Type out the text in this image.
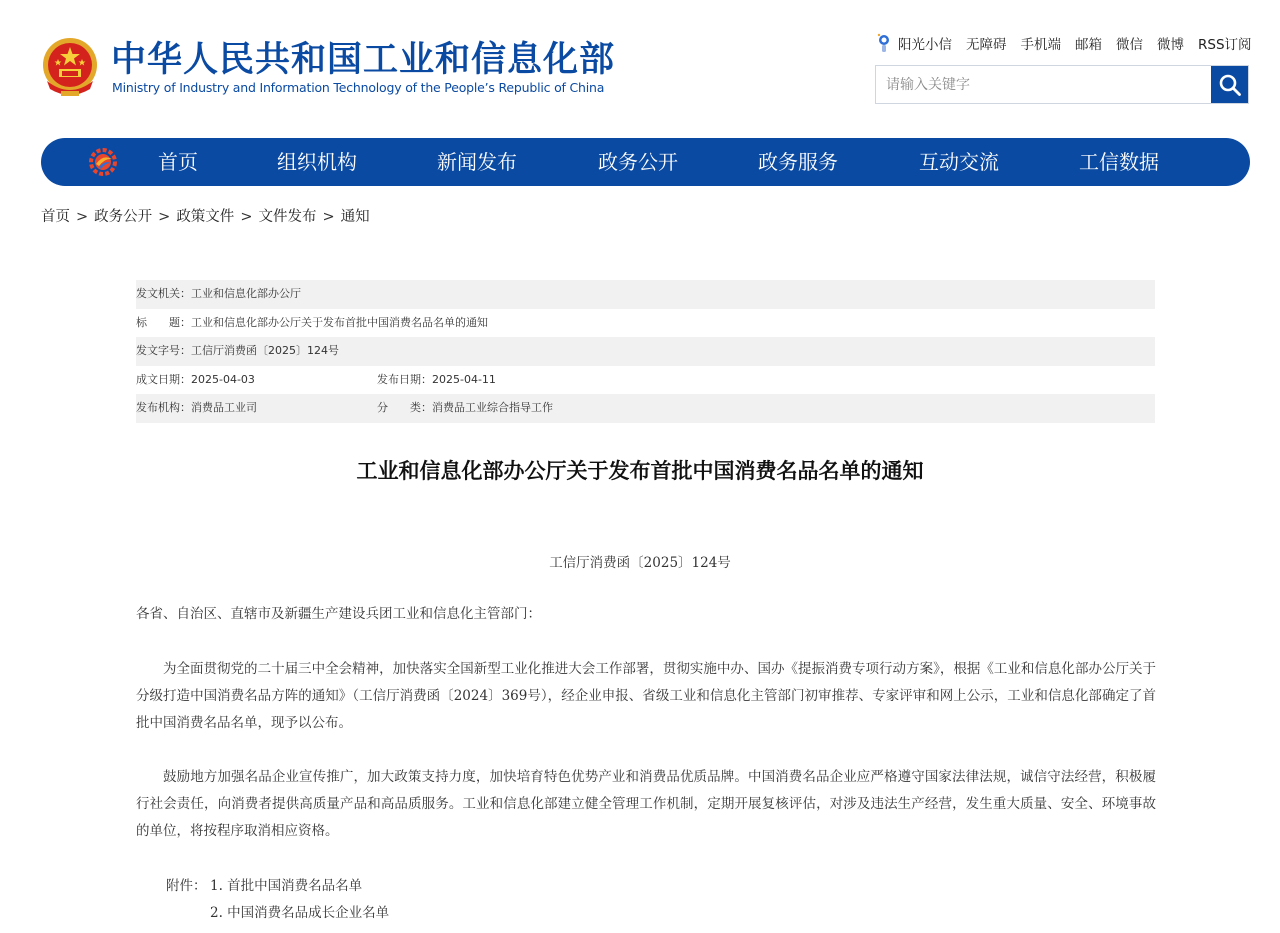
中华人民共和国工业和信息化部
Ministry of Industry and Information Technology of the People’s Republic of China
阳光小信 无障碍 手机端 邮箱 微信 微博 RSS订阅
请输入关键字
首页	组织机构	新闻发布	政务公开	政务服务	互动交流	工信数据
首页 > 政务公开 > 政策文件 > 文件发布 > 通知
发文机关：工业和信息化部办公厅
标　　题：工业和信息化部办公厅关于发布首批中国消费名品名单的通知
发文字号：工信厅消费函〔2025〕124号
成文日期：2025-04-03	发布日期：2025-04-11
发布机构：消费品工业司	分　　类：消费品工业综合指导工作
工业和信息化部办公厅关于发布首批中国消费名品名单的通知
工信厅消费函〔2025〕124号
各省、自治区、直辖市及新疆生产建设兵团工业和信息化主管部门：
为全面贯彻党的二十届三中全会精神，加快落实全国新型工业化推进大会工作部署，贯彻实施中办、国办《提振消费专项行动方案》，根据《工业和信息化部办公厅关于分级打造中国消费名品方阵的通知》（工信厅消费函〔2024〕369号），经企业申报、省级工业和信息化主管部门初审推荐、专家评审和网上公示，工业和信息化部确定了首批中国消费名品名单，现予以公布。
鼓励地方加强名品企业宣传推广，加大政策支持力度，加快培育特色优势产业和消费品优质品牌。中国消费名品企业应严格遵守国家法律法规，诚信守法经营，积极履行社会责任，向消费者提供高质量产品和高品质服务。工业和信息化部建立健全管理工作机制，定期开展复核评估，对涉及违法生产经营，发生重大质量、安全、环境事故的单位，将按程序取消相应资格。
附件： 1. 首批中国消费名品名单
2. 中国消费名品成长企业名单
